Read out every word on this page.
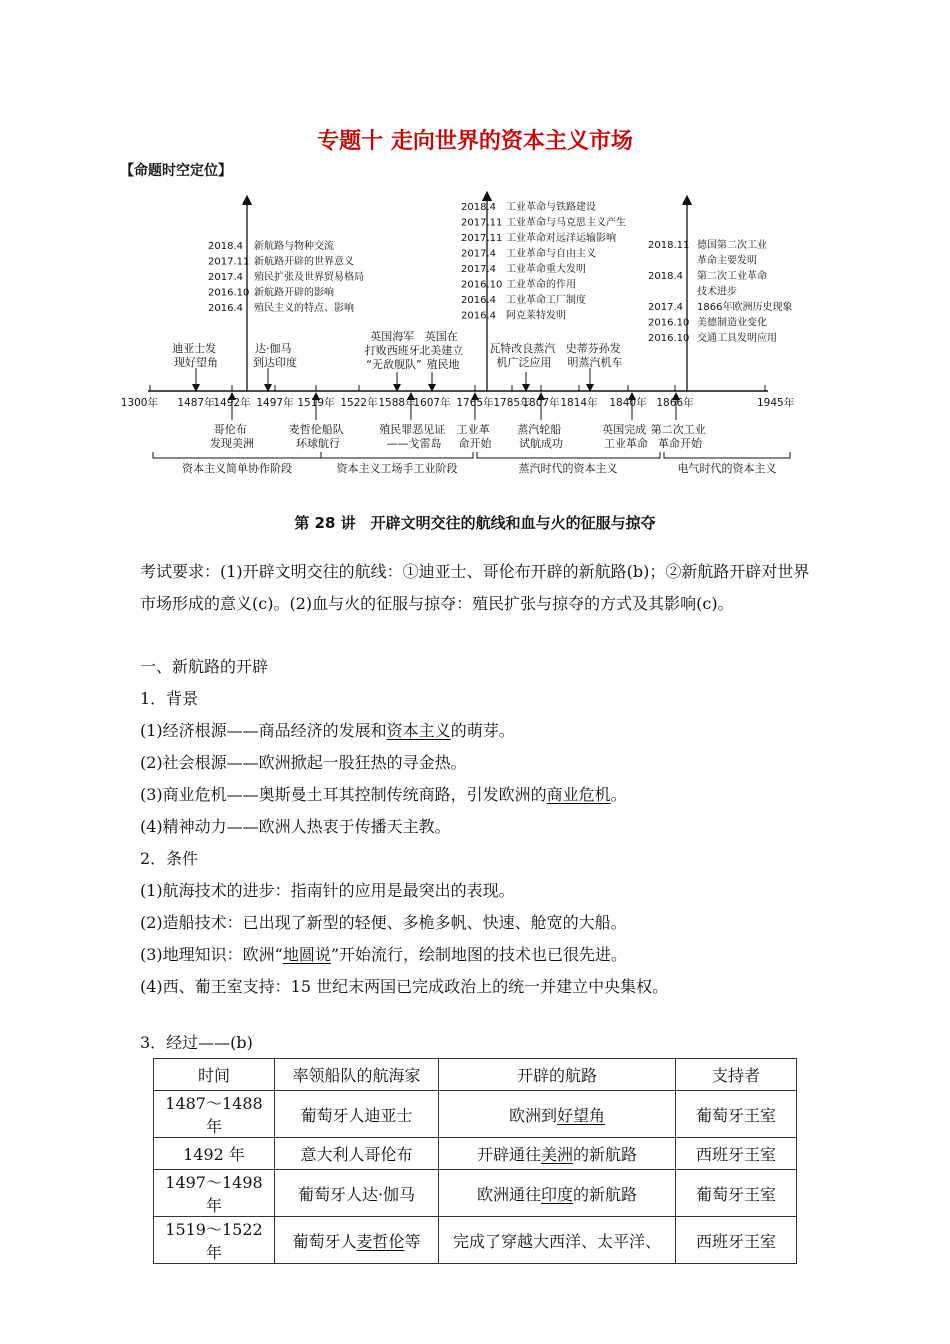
专题十 走向世界的资本主义市场
【命题时空定位】
1300年 1487年
1492年 1497年 1519年 1522年 1588年
1607年 1765年 1785年
1807年 1814年 1840年 1866年	1945年
迪亚士发 现好望角
达·伽马 到达印度
英国海军 打败西班牙 “无敌舰队”
英国在 北美建立 殖民地
瓦特改良蒸汽 机广泛应用
史蒂芬孙发 明蒸汽机车
哥伦布 发现美洲
麦哲伦船队 环球航行
殖民罪恶见证 ——戈雷岛
工业革 命开始
蒸汽轮船 试航成功
英国完成 工业革命
第二次工业 革命开始
资本主义简单协作阶段	资本主义工场手工业阶段	蒸汽时代的资本主义	电气时代的资本主义
2018.4 新航路与物种交流
2017.11 新航路开辟的世界意义
2017.4 殖民扩张及世界贸易格局
2016.10 新航路开辟的影响
2016.4 殖民主义的特点、影响
2018.4 工业革命与铁路建设
2017.11 工业革命与马克思主义产生
2017.11 工业革命对远洋运输影响
2017.4 工业革命与自由主义
2017.4 工业革命重大发明
2016.10 工业革命的作用
2016.4 工业革命工厂制度
2016.4 阿克莱特发明
2018.11 德国第二次工业
革命主要发明
2018.4 第二次工业革命
技术进步
2017.4 1866年欧洲历史现象
2016.10 美德制造业变化
2016.10 交通工具发明应用
第 28 讲　开辟文明交往的航线和血与火的征服与掠夺
考试要求：(1)开辟文明交往的航线：①迪亚士、哥伦布开辟的新航路(b)；②新航路开辟对世界市场形成的意义(c)。(2)血与火的征服与掠夺：殖民扩张与掠夺的方式及其影响(c)。
一、新航路的开辟
1．背景
(1)经济根源——商品经济的发展和资本主义的萌芽。
(2)社会根源——欧洲掀起一股狂热的寻金热。
(3)商业危机——奥斯曼土耳其控制传统商路，引发欧洲的商业危机。
(4)精神动力——欧洲人热衷于传播天主教。
2．条件
(1)航海技术的进步：指南针的应用是最突出的表现。
(2)造船技术：已出现了新型的轻便、多桅多帆、快速、舱宽的大船。
(3)地理知识：欧洲“地圆说”开始流行，绘制地图的技术也已很先进。
(4)西、葡王室支持：15 世纪末两国已完成政治上的统一并建立中央集权。
3．经过——(b)
时间	率领船队的航海家	开辟的航路	支持者
1487～1488 年	葡萄牙人迪亚士	欧洲到好望角	葡萄牙王室
1492 年	意大利人哥伦布	开辟通往美洲的新航路	西班牙王室
1497～1498 年	葡萄牙人达·伽马	欧洲通往印度的新航路	葡萄牙王室
1519～1522 年	葡萄牙人麦哲伦等	完成了穿越大西洋、太平洋、	西班牙王室
